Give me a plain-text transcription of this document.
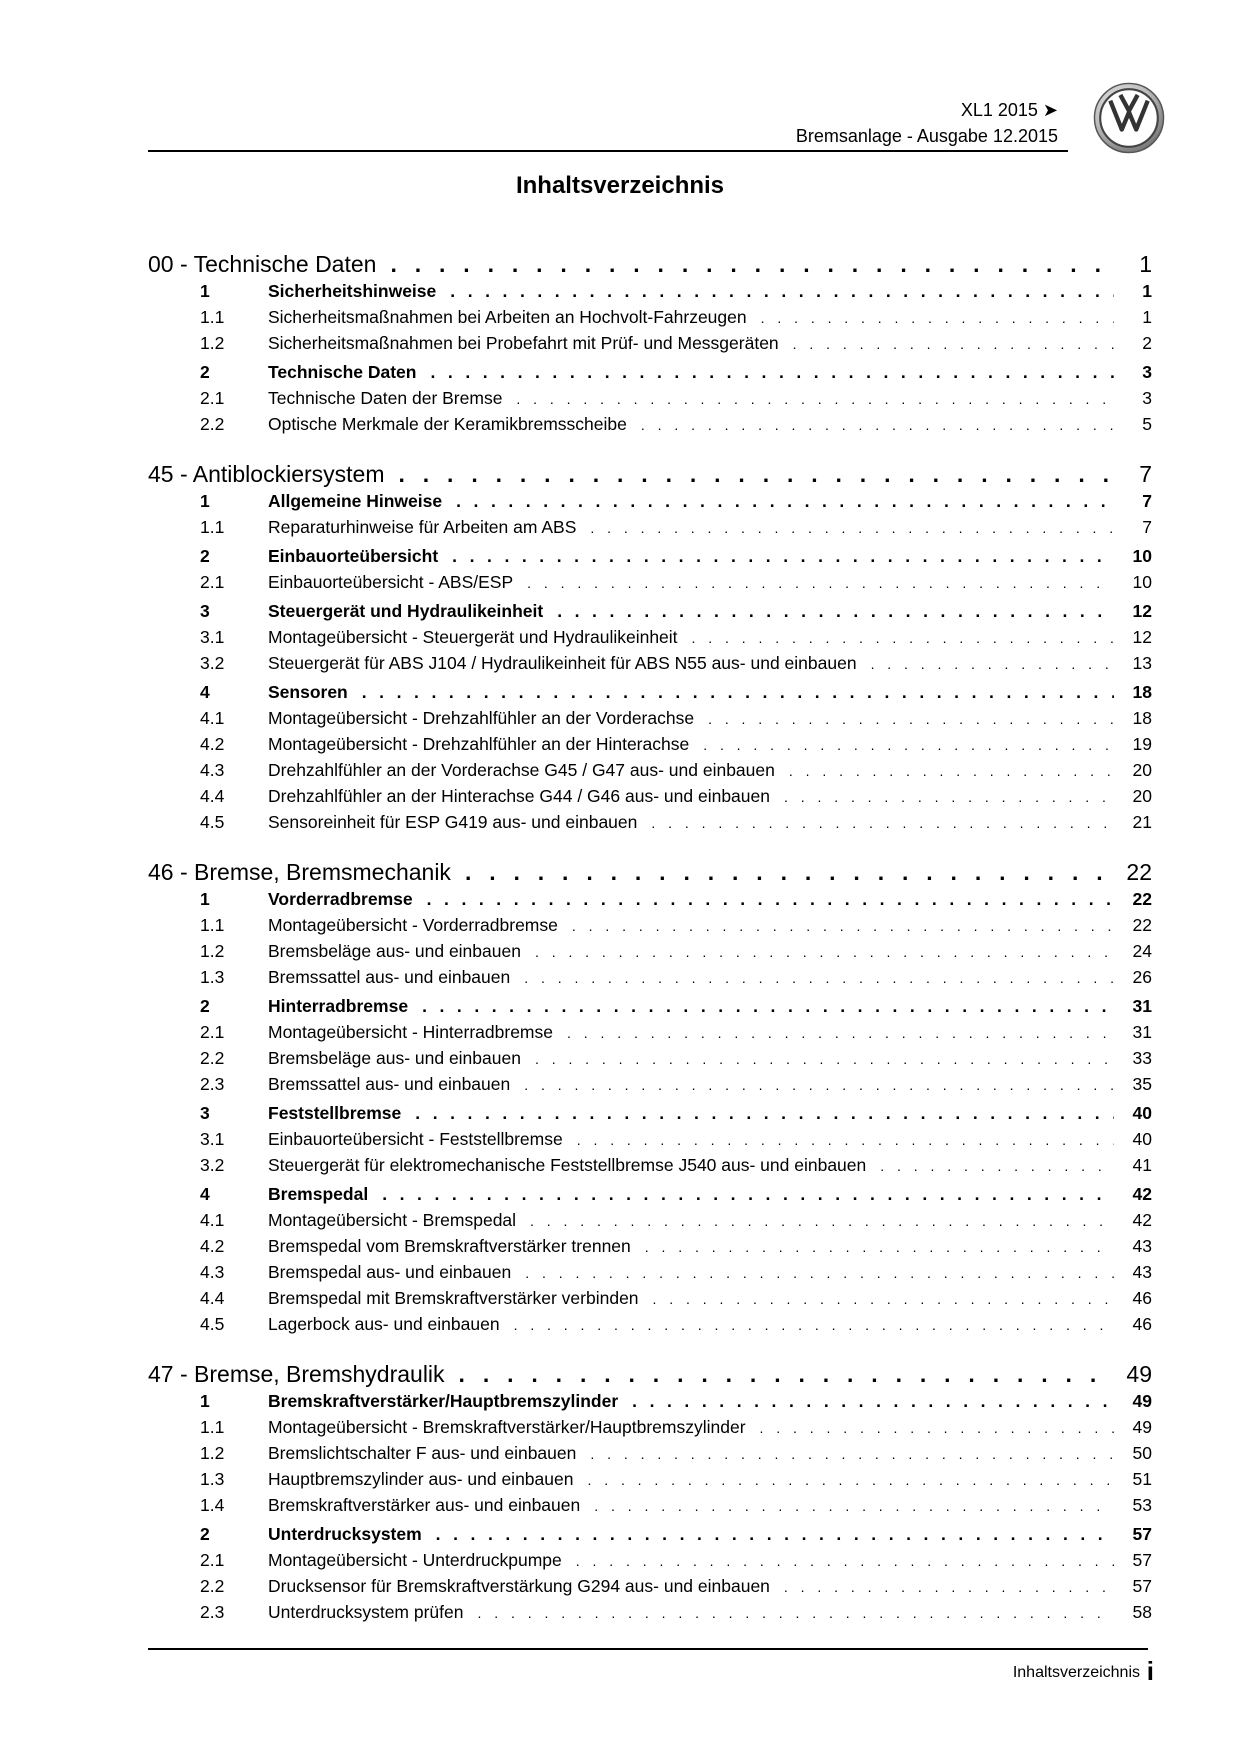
XL1 2015 ➤
Bremsanlage - Ausgabe 12.2015
Inhaltsverzeichnis
00 - Technische Daten . . .	1
1	Sicherheitshinweise . . .	1
1.1	Sicherheitsmaßnahmen bei Arbeiten an Hochvolt-Fahrzeugen . . .	1
1.2	Sicherheitsmaßnahmen bei Probefahrt mit Prüf- und Messgeräten . . .	2
2	Technische Daten . . .	3
2.1	Technische Daten der Bremse . . .	3
2.2	Optische Merkmale der Keramikbremsscheibe . . .	5
45 - Antiblockiersystem . . .	7
1	Allgemeine Hinweise . . .	7
1.1	Reparaturhinweise für Arbeiten am ABS . . .	7
2	Einbauorteübersicht . . .	10
2.1	Einbauorteübersicht - ABS/ESP . . .	10
3	Steuergerät und Hydraulikeinheit . . .	12
3.1	Montageübersicht - Steuergerät und Hydraulikeinheit . . .	12
3.2	Steuergerät für ABS J104 / Hydraulikeinheit für ABS N55 aus- und einbauen . . .	13
4	Sensoren . . .	18
4.1	Montageübersicht - Drehzahlfühler an der Vorderachse . . .	18
4.2	Montageübersicht - Drehzahlfühler an der Hinterachse . . .	19
4.3	Drehzahlfühler an der Vorderachse G45 / G47 aus- und einbauen . . .	20
4.4	Drehzahlfühler an der Hinterachse G44 / G46 aus- und einbauen . . .	20
4.5	Sensoreinheit für ESP G419 aus- und einbauen . . .	21
46 - Bremse, Bremsmechanik . . .	22
1	Vorderradbremse . . .	22
1.1	Montageübersicht - Vorderradbremse . . .	22
1.2	Bremsbeläge aus- und einbauen . . .	24
1.3	Bremssattel aus- und einbauen . . .	26
2	Hinterradbremse . . .	31
2.1	Montageübersicht - Hinterradbremse . . .	31
2.2	Bremsbeläge aus- und einbauen . . .	33
2.3	Bremssattel aus- und einbauen . . .	35
3	Feststellbremse . . .	40
3.1	Einbauorteübersicht - Feststellbremse . . .	40
3.2	Steuergerät für elektromechanische Feststellbremse J540 aus- und einbauen . . .	41
4	Bremspedal . . .	42
4.1	Montageübersicht - Bremspedal . . .	42
4.2	Bremspedal vom Bremskraftverstärker trennen . . .	43
4.3	Bremspedal aus- und einbauen . . .	43
4.4	Bremspedal mit Bremskraftverstärker verbinden . . .	46
4.5	Lagerbock aus- und einbauen . . .	46
47 - Bremse, Bremshydraulik . . .	49
1	Bremskraftverstärker/Hauptbremszylinder . . .	49
1.1	Montageübersicht - Bremskraftverstärker/Hauptbremszylinder . . .	49
1.2	Bremslichtschalter F aus- und einbauen . . .	50
1.3	Hauptbremszylinder aus- und einbauen . . .	51
1.4	Bremskraftverstärker aus- und einbauen . . .	53
2	Unterdrucksystem . . .	57
2.1	Montageübersicht - Unterdruckpumpe . . .	57
2.2	Drucksensor für Bremskraftverstärkung G294 aus- und einbauen . . .	57
2.3	Unterdrucksystem prüfen . . .	58
Inhaltsverzeichnis i
